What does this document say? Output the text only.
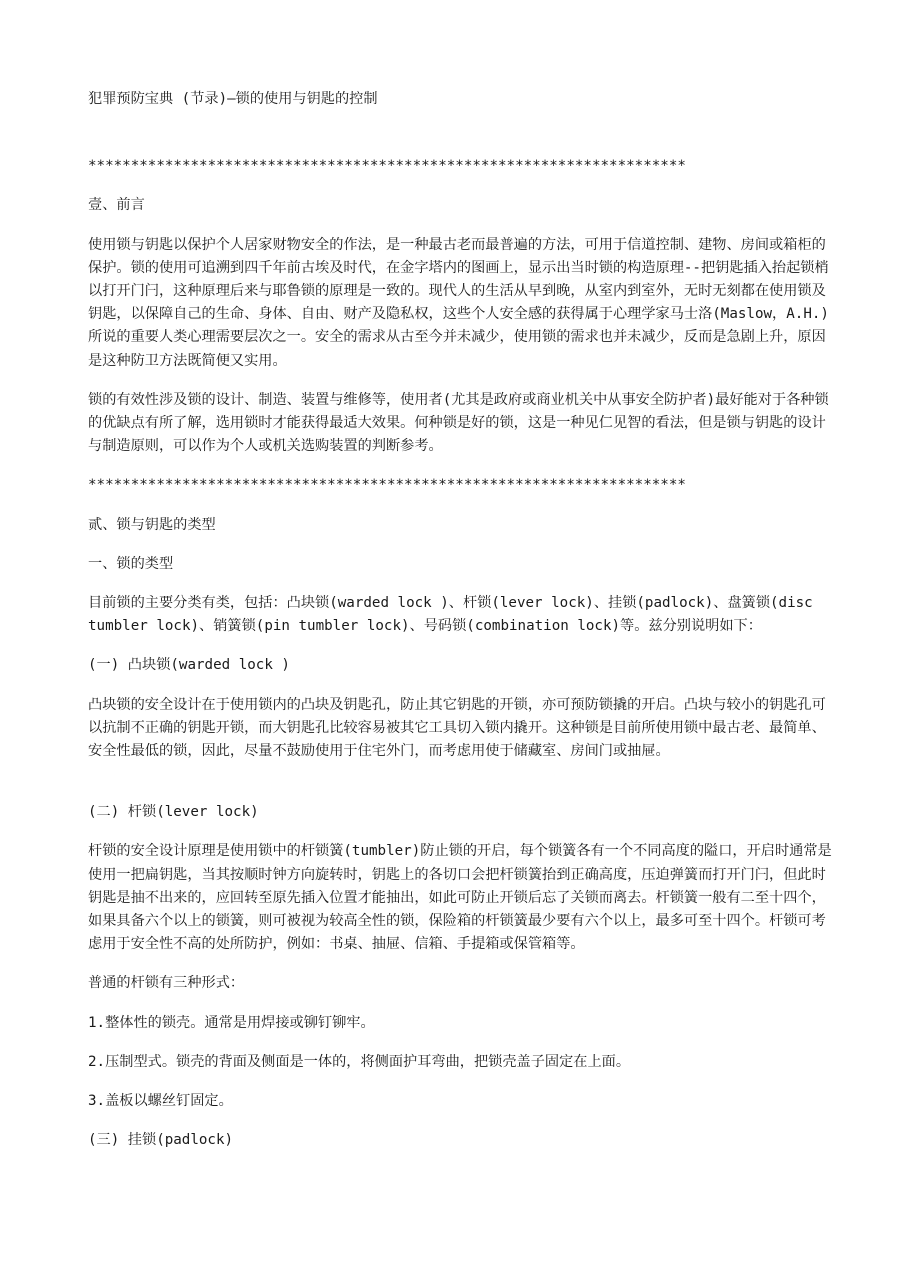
犯罪预防宝典 (节录)—锁的使用与钥匙的控制
**********************************************************************
壹、前言

使用锁与钥匙以保护个人居家财物安全的作法，是一种最古老而最普遍的方法，可用于信道控制、建物、房间或箱柜的保护。锁的使用可追溯到四千年前古埃及时代，在金字塔内的图画上，显示出当时锁的构造原理--把钥匙插入抬起锁梢以打开门闩，这种原理后来与耶鲁锁的原理是一致的。现代人的生活从早到晚，从室内到室外，无时无刻都在使用锁及钥匙，以保障自己的生命、身体、自由、财产及隐私权，这些个人安全感的获得属于心理学家马士洛(Maslow，A.H.)所说的重要人类心理需要层次之一。安全的需求从古至今并未减少，使用锁的需求也并未减少，反而是急剧上升，原因是这种防卫方法既简便又实用。

锁的有效性涉及锁的设计、制造、装置与维修等，使用者(尤其是政府或商业机关中从事安全防护者)最好能对于各种锁的优缺点有所了解，选用锁时才能获得最适大效果。何种锁是好的锁，这是一种见仁见智的看法，但是锁与钥匙的设计与制造原则，可以作为个人或机关选购装置的判断参考。

**********************************************************************
贰、锁与钥匙的类型
一、锁的类型

目前锁的主要分类有类，包括：凸块锁(warded lock )、杆锁(lever lock)、挂锁(padlock)、盘簧锁(disc tumbler lock)、销簧锁(pin tumbler lock)、号码锁(combination lock)等。兹分别说明如下：

(一) 凸块锁(warded lock )

凸块锁的安全设计在于使用锁内的凸块及钥匙孔，防止其它钥匙的开锁，亦可预防锁撬的开启。凸块与较小的钥匙孔可以抗制不正确的钥匙开锁，而大钥匙孔比较容易被其它工具切入锁内撬开。这种锁是目前所使用锁中最古老、最简单、安全性最低的锁，因此，尽量不鼓励使用于住宅外门，而考虑用使于储藏室、房间门或抽屉。

(二) 杆锁(lever lock)

杆锁的安全设计原理是使用锁中的杆锁簧(tumbler)防止锁的开启，每个锁簧各有一个不同高度的隘口，开启时通常是使用一把扁钥匙，当其按顺时钟方向旋转时，钥匙上的各切口会把杆锁簧抬到正确高度，压迫弹簧而打开门闩，但此时钥匙是抽不出来的，应回转至原先插入位置才能抽出，如此可防止开锁后忘了关锁而离去。杆锁簧一般有二至十四个，如果具备六个以上的锁簧，则可被视为较高全性的锁，保险箱的杆锁簧最少要有六个以上，最多可至十四个。杆锁可考虑用于安全性不高的处所防护，例如：书桌、抽屉、信箱、手提箱或保管箱等。

普通的杆锁有三种形式：

1.整体性的锁壳。通常是用焊接或铆钉铆牢。

2.压制型式。锁壳的背面及侧面是一体的，将侧面护耳弯曲，把锁壳盖子固定在上面。

3.盖板以螺丝钉固定。

(三) 挂锁(padlock)
